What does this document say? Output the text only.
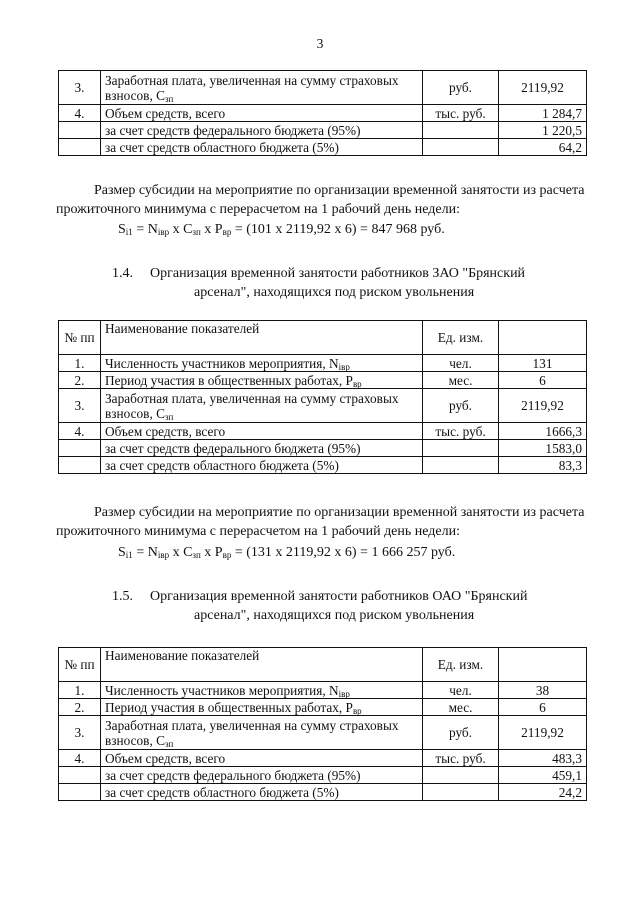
3
3.	Заработная плата, увеличенная на сумму страховых взносов, $С_{зп}$	руб.	2119,92
4.	Объем средств, всего	тыс. руб.	1 284,7
	за счет средств федерального бюджета (95%)		1 220,5
	за счет средств областного бюджета (5%)		64,2
Размер субсидии на мероприятие по организации временной занятости из расчета прожиточного минимума с перерасчетом на 1 рабочий день недели:
$S_{i1} = N_{iвр}$ х $С_{зп}$ х $Р_{вр} = (101$ х 2119,92 х 6) = 847 968 руб.
1.4. Организация временной занятости работников ЗАО "Брянский
арсенал", находящихся под риском увольнения
№ пп	Наименование показателей	Ед. изм.	
1.	Численность участников мероприятия, $N_{iвр}$	чел.	131
2.	Период участия в общественных работах, $Р_{вр}$	мес.	6
3.	Заработная плата, увеличенная на сумму страховых взносов, $С_{зп}$	руб.	2119,92
4.	Объем средств, всего	тыс. руб.	1666,3
	за счет средств федерального бюджета (95%)		1583,0
	за счет средств областного бюджета (5%)		83,3
Размер субсидии на мероприятие по организации временной занятости из расчета прожиточного минимума с перерасчетом на 1 рабочий день недели:
$S_{i1} = N_{iвр}$ х $С_{зп}$ х $Р_{вр} = (131$ х 2119,92 х 6) = 1 666 257 руб.
1.5. Организация временной занятости работников ОАО "Брянский
арсенал", находящихся под риском увольнения
№ пп	Наименование показателей	Ед. изм.	
1.	Численность участников мероприятия, $N_{iвр}$	чел.	38
2.	Период участия в общественных работах, $Р_{вр}$	мес.	6
3.	Заработная плата, увеличенная на сумму страховых взносов, $С_{зп}$	руб.	2119,92
4.	Объем средств, всего	тыс. руб.	483,3
	за счет средств федерального бюджета (95%)		459,1
	за счет средств областного бюджета (5%)		24,2
